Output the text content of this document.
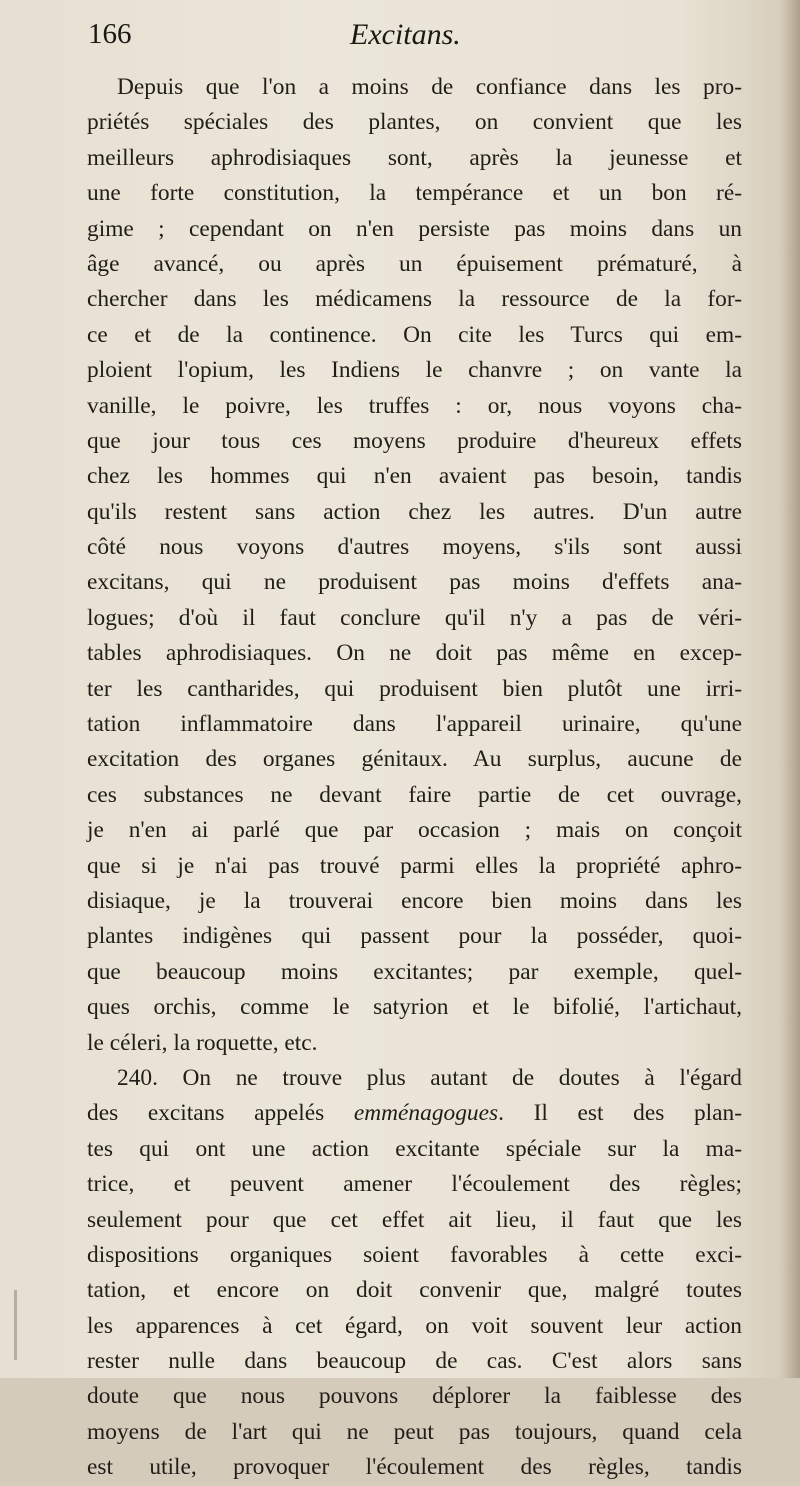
166	Excitans.
Depuis que l'on a moins de confiance dans les pro-
priétés spéciales des plantes, on convient que les
meilleurs aphrodisiaques sont, après la jeunesse et
une forte constitution, la tempérance et un bon ré-
gime ; cependant on n'en persiste pas moins dans un
âge avancé, ou après un épuisement prématuré, à
chercher dans les médicamens la ressource de la for-
ce et de la continence. On cite les Turcs qui em-
ploient l'opium, les Indiens le chanvre ; on vante la
vanille, le poivre, les truffes : or, nous voyons cha-
que jour tous ces moyens produire d'heureux effets
chez les hommes qui n'en avaient pas besoin, tandis
qu'ils restent sans action chez les autres. D'un autre
côté nous voyons d'autres moyens, s'ils sont aussi
excitans, qui ne produisent pas moins d'effets ana-
logues; d'où il faut conclure qu'il n'y a pas de véri-
tables aphrodisiaques. On ne doit pas même en excep-
ter les cantharides, qui produisent bien plutôt une irri-
tation inflammatoire dans l'appareil urinaire, qu'une
excitation des organes génitaux. Au surplus, aucune de
ces substances ne devant faire partie de cet ouvrage,
je n'en ai parlé que par occasion ; mais on conçoit
que si je n'ai pas trouvé parmi elles la propriété aphro-
disiaque, je la trouverai encore bien moins dans les
plantes indigènes qui passent pour la posséder, quoi-
que beaucoup moins excitantes; par exemple, quel-
ques orchis, comme le satyrion et le bifolié, l'artichaut,
le céleri, la roquette, etc.
240. On ne trouve plus autant de doutes à l'égard
des excitans appelés emménagogues. Il est des plan-
tes qui ont une action excitante spéciale sur la ma-
trice, et peuvent amener l'écoulement des règles;
seulement pour que cet effet ait lieu, il faut que les
dispositions organiques soient favorables à cette exci-
tation, et encore on doit convenir que, malgré toutes
les apparences à cet égard, on voit souvent leur action
rester nulle dans beaucoup de cas. C'est alors sans
doute que nous pouvons déplorer la faiblesse des
moyens de l'art qui ne peut pas toujours, quand cela
est utile, provoquer l'écoulement des règles, tandis
